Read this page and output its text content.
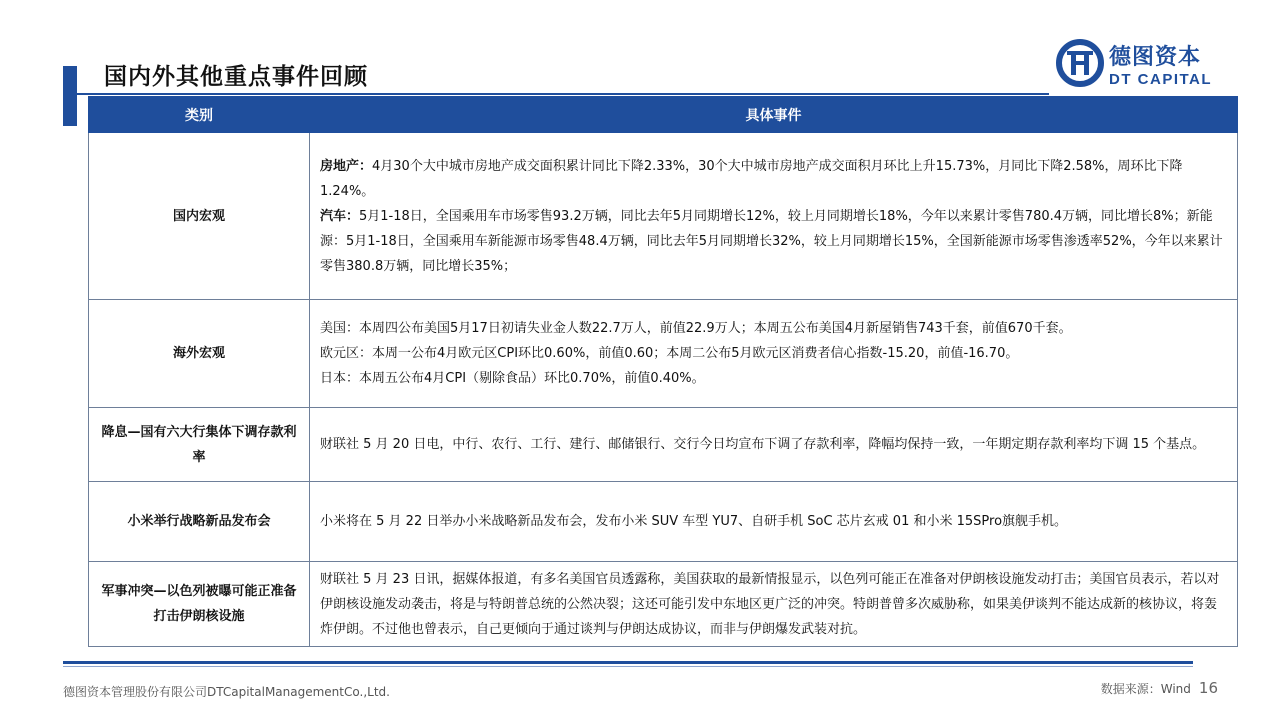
国内外其他重点事件回顾
德图资本
DT CAPITAL
类别	具体事件
国内宏观	房地产：4月30个大中城市房地产成交面积累计同比下降2.33%，30个大中城市房地产成交面积月环比上升15.73%，月同比下降2.58%，周环比下降1.24%。
汽车：5月1-18日，全国乘用车市场零售93.2万辆，同比去年5月同期增长12%，较上月同期增长18%，今年以来累计零售780.4万辆，同比增长8%；新能源：5月1-18日，全国乘用车新能源市场零售48.4万辆，同比去年5月同期增长32%，较上月同期增长15%，全国新能源市场零售渗透率52%，今年以来累计零售380.8万辆，同比增长35%；

海外宏观	美国：本周四公布美国5月17日初请失业金人数22.7万人，前值22.9万人；本周五公布美国4月新屋销售743千套，前值670千套。
欧元区：本周一公布4月欧元区CPI环比0.60%，前值0.60；本周二公布5月欧元区消费者信心指数-15.20，前值-16.70。
日本：本周五公布4月CPI（剔除食品）环比0.70%，前值0.40%。

降息—国有六大行集体下调存款利率	财联社 5 月 20 日电，中行、农行、工行、建行、邮储银行、交行今日均宣布下调了存款利率，降幅均保持一致，一年期定期存款利率均下调 15 个基点。

小米举行战略新品发布会	小米将在 5 月 22 日举办小米战略新品发布会，发布小米 SUV 车型 YU7、自研手机 SoC 芯片玄戒 01 和小米 15SPro旗舰手机。

军事冲突—以色列被曝可能正准备打击伊朗核设施	财联社 5 月 23 日讯，据媒体报道，有多名美国官员透露称，美国获取的最新情报显示，以色列可能正在准备对伊朗核设施发动打击；美国官员表示，若以对伊朗核设施发动袭击，将是与特朗普总统的公然决裂；这还可能引发中东地区更广泛的冲突。特朗普曾多次威胁称，如果美伊谈判不能达成新的核协议，将轰炸伊朗。不过他也曾表示，自己更倾向于通过谈判与伊朗达成协议，而非与伊朗爆发武装对抗。
德图资本管理股份有限公司DTCapitalManagementCo.,Ltd.	数据来源：Wind 16
